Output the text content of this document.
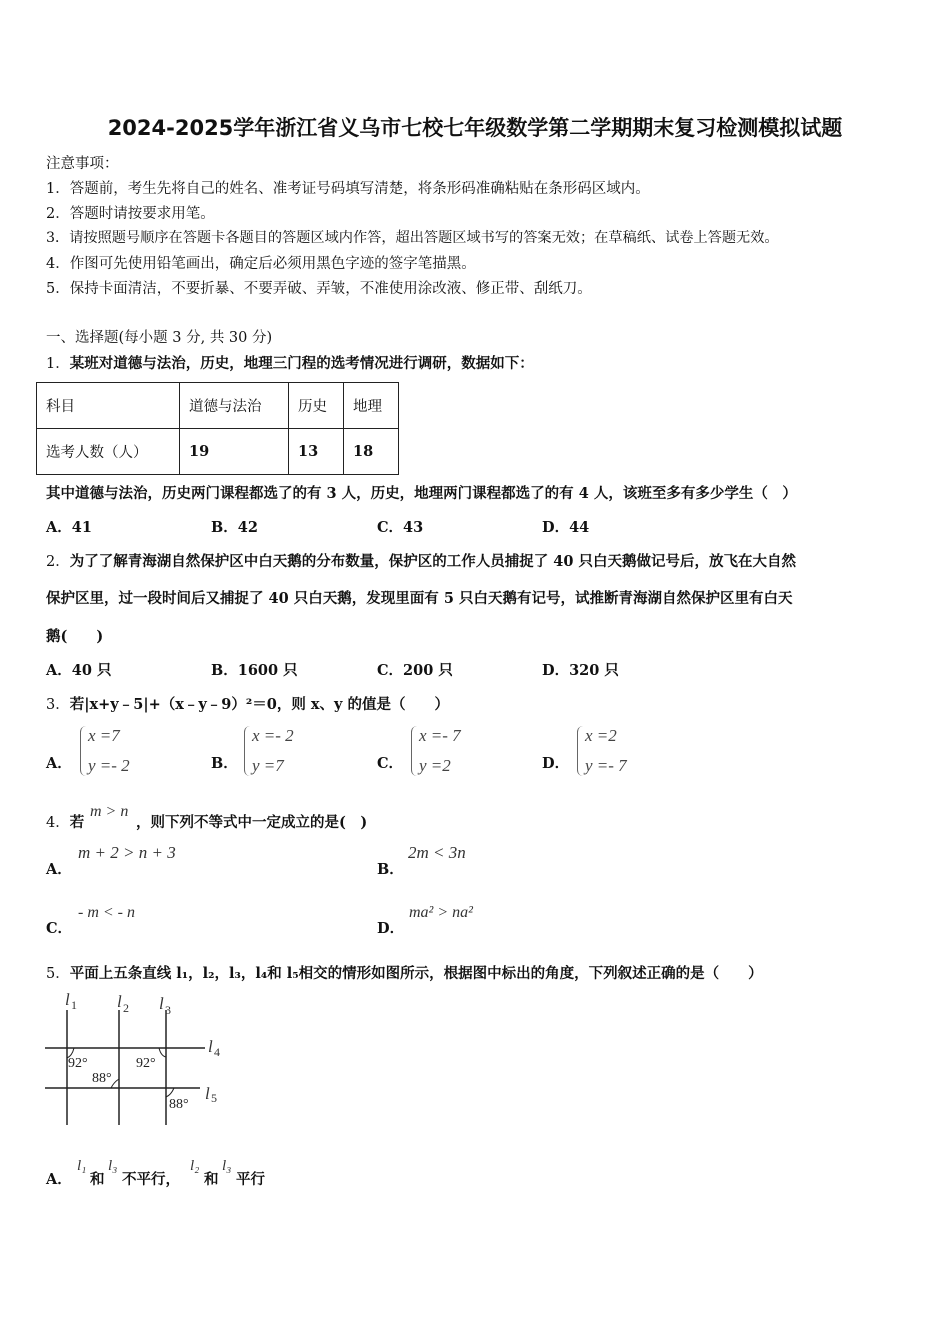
2024-2025学年浙江省义乌市七校七年级数学第二学期期末复习检测模拟试题
注意事项：
1．答题前，考生先将自己的姓名、准考证号码填写清楚，将条形码准确粘贴在条形码区域内。
2．答题时请按要求用笔。
3．请按照题号顺序在答题卡各题目的答题区域内作答，超出答题区域书写的答案无效；在草稿纸、试卷上答题无效。
4．作图可先使用铅笔画出，确定后必须用黑色字迹的签字笔描黑。
5．保持卡面清洁，不要折暴、不要弄破、弄皱，不准使用涂改液、修正带、刮纸刀。
一、选择题(每小题 3 分, 共 30 分)
1．某班对道德与法治，历史，地理三门程的选考情况进行调研，数据如下：
科目	道德与法治	历史	地理
选考人数（人）	19	13	18
其中道德与法治，历史两门课程都选了的有 3 人，历史，地理两门课程都选了的有 4 人，该班至多有多少学生（　）
A．41	B．42	C．43	D．44
2．为了了解青海湖自然保护区中白天鹅的分布数量，保护区的工作人员捕捉了 40 只白天鹅做记号后，放飞在大自然
保护区里，过一段时间后又捕捉了 40 只白天鹅，发现里面有 5 只白天鹅有记号，试推断青海湖自然保护区里有白天
鹅(　　)
A．40 只	B．1600 只	C．200 只	D．320 只
3．若|x+y﹣5|+（x﹣y﹣9）²＝0，则 x、y 的值是（　　）
A．
x =7
y =- 2	B．
x =- 2
y =7	C．
x =- 7
y =2	D．
x =2
y =- 7
4．若
m > n
，则下列不等式中一定成立的是(　)
A．
m + 2 > n + 3
B．
2m < 3n
C．
- m < - n
D．
ma² > na²
5．平面上五条直线 l₁，l₂，l₃，l₄和 l₅相交的情形如图所示，根据图中标出的角度，下列叙述正确的是（　　）
l 1 l 2 l 3
l 4
l 5
92°
88°
92°
88°
A．
l₁
和
l₃
不平行，
l₂
和
l₃
平行
